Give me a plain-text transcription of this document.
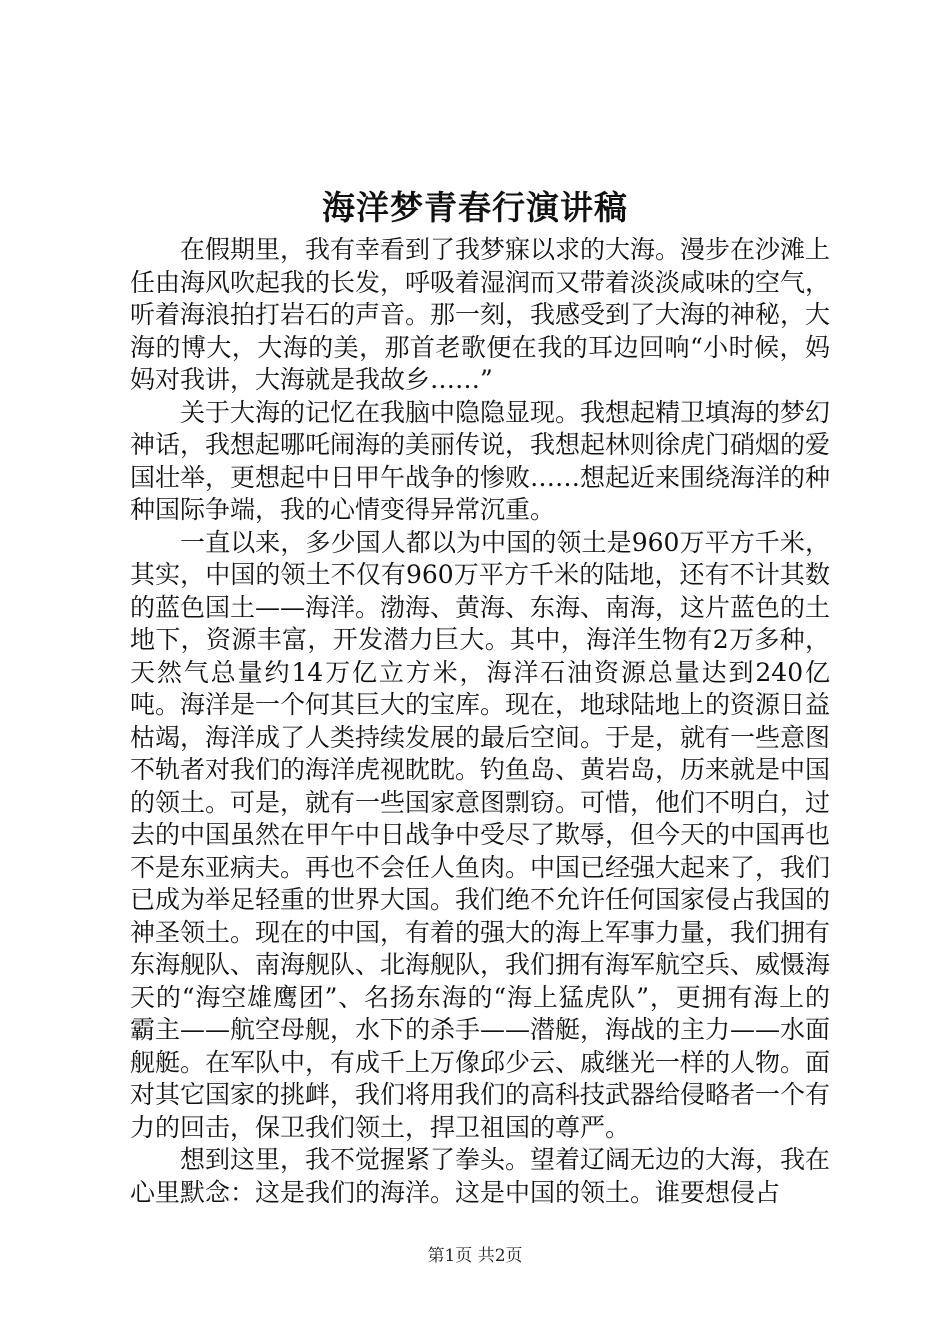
海洋梦青春行演讲稿

在假期里，我有幸看到了我梦寐以求的大海。漫步在沙滩上任由海风吹起我的长发，呼吸着湿润而又带着淡淡咸味的空气，听着海浪拍打岩石的声音。那一刻，我感受到了大海的神秘，大海的博大，大海的美，那首老歌便在我的耳边回响“小时候，妈妈对我讲，大海就是我故乡……”

关于大海的记忆在我脑中隐隐显现。我想起精卫填海的梦幻神话，我想起哪吒闹海的美丽传说，我想起林则徐虎门硝烟的爱国壮举，更想起中日甲午战争的惨败……想起近来围绕海洋的种种国际争端，我的心情变得异常沉重。

一直以来，多少国人都以为中国的领土是960万平方千米，其实，中国的领土不仅有960万平方千米的陆地，还有不计其数的蓝色国土——海洋。渤海、黄海、东海、南海，这片蓝色的土地下，资源丰富，开发潜力巨大。其中，海洋生物有2万多种，天然气总量约14万亿立方米，海洋石油资源总量达到240亿吨。海洋是一个何其巨大的宝库。现在，地球陆地上的资源日益枯竭，海洋成了人类持续发展的最后空间。于是，就有一些意图不轨者对我们的海洋虎视眈眈。钓鱼岛、黄岩岛，历来就是中国的领土。可是，就有一些国家意图剽窃。可惜，他们不明白，过去的中国虽然在甲午中日战争中受尽了欺辱，但今天的中国再也不是东亚病夫。再也不会任人鱼肉。中国已经强大起来了，我们已成为举足轻重的世界大国。我们绝不允许任何国家侵占我国的神圣领土。现在的中国，有着的强大的海上军事力量，我们拥有东海舰队、南海舰队、北海舰队，我们拥有海军航空兵、威慑海天的“海空雄鹰团”、名扬东海的“海上猛虎队”，更拥有海上的霸主——航空母舰，水下的杀手——潜艇，海战的主力——水面舰艇。在军队中，有成千上万像邱少云、戚继光一样的人物。面对其它国家的挑衅，我们将用我们的高科技武器给侵略者一个有力的回击，保卫我们领土，捍卫祖国的尊严。

想到这里，我不觉握紧了拳头。望着辽阔无边的大海，我在心里默念：这是我们的海洋。这是中国的领土。谁要想侵占

第1页 共2页
